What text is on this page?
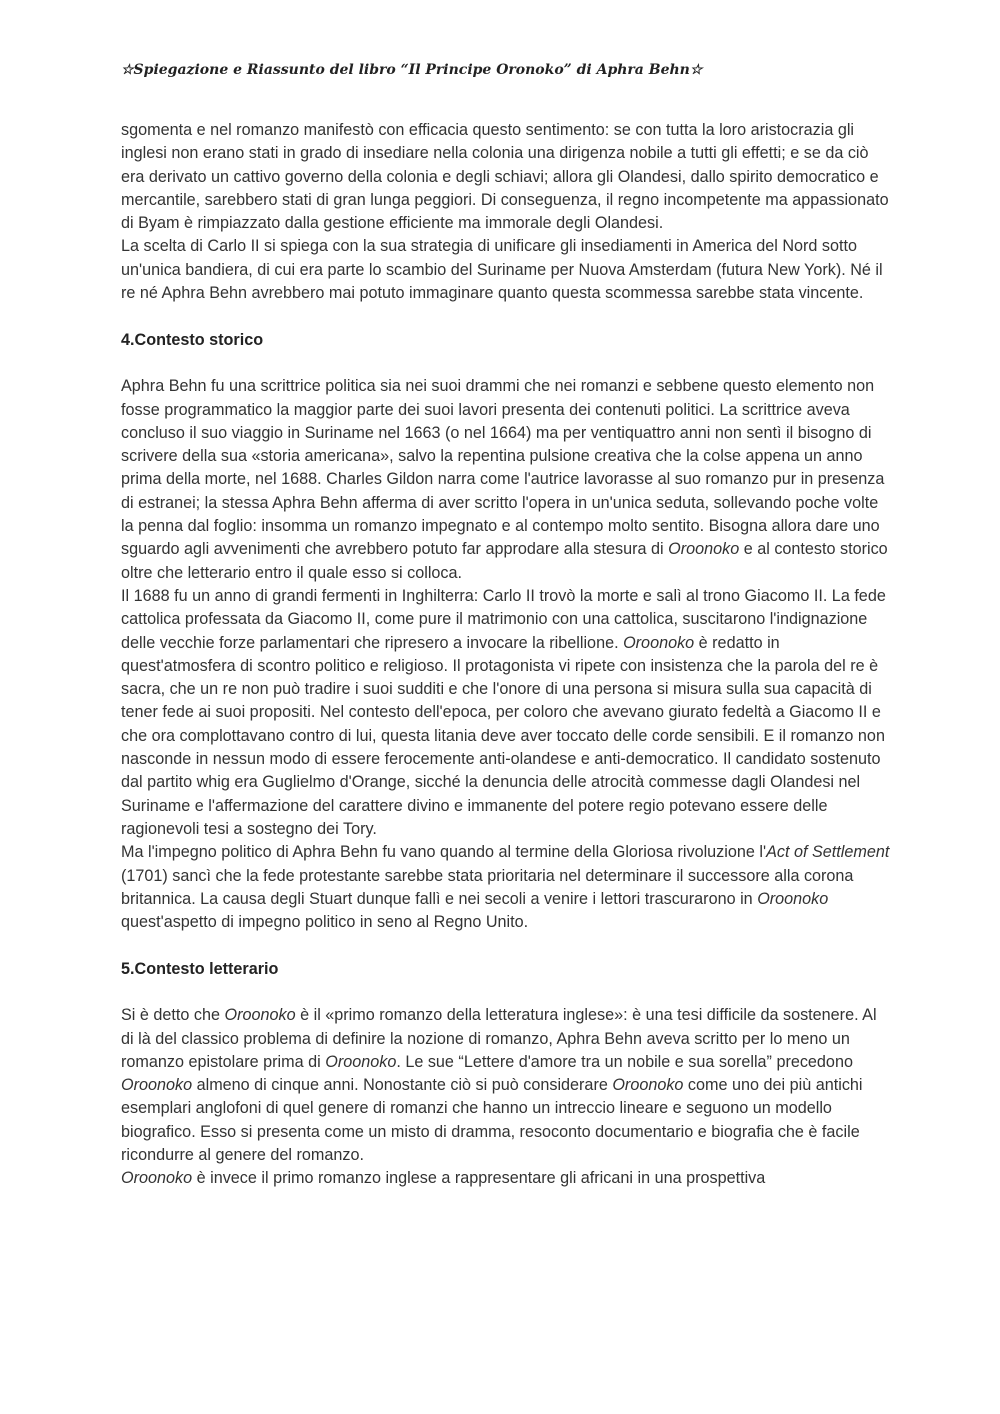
☆Spiegazione e Riassunto del libro “Il Principe Oronoko” di Aphra Behn☆

sgomenta e nel romanzo manifestò con efficacia questo sentimento: se con tutta la loro aristocrazia gli inglesi non erano stati in grado di insediare nella colonia una dirigenza nobile a tutti gli effetti; e se da ciò era derivato un cattivo governo della colonia e degli schiavi; allora gli Olandesi, dallo spirito democratico e mercantile, sarebbero stati di gran lunga peggiori. Di conseguenza, il regno incompetente ma appassionato di Byam è rimpiazzato dalla gestione efficiente ma immorale degli Olandesi.

La scelta di Carlo II si spiega con la sua strategia di unificare gli insediamenti in America del Nord sotto un'unica bandiera, di cui era parte lo scambio del Suriname per Nuova Amsterdam (futura New York). Né il re né Aphra Behn avrebbero mai potuto immaginare quanto questa scommessa sarebbe stata vincente.

4.Contesto storico

Aphra Behn fu una scrittrice politica sia nei suoi drammi che nei romanzi e sebbene questo elemento non fosse programmatico la maggior parte dei suoi lavori presenta dei contenuti politici. La scrittrice aveva concluso il suo viaggio in Suriname nel 1663 (o nel 1664) ma per ventiquattro anni non sentì il bisogno di scrivere della sua «storia americana», salvo la repentina pulsione creativa che la colse appena un anno prima della morte, nel 1688. Charles Gildon narra come l'autrice lavorasse al suo romanzo pur in presenza di estranei; la stessa Aphra Behn afferma di aver scritto l'opera in un'unica seduta, sollevando poche volte la penna dal foglio: insomma un romanzo impegnato e al contempo molto sentito. Bisogna allora dare uno sguardo agli avvenimenti che avrebbero potuto far approdare alla stesura di Oroonoko e al contesto storico oltre che letterario entro il quale esso si colloca.

Il 1688 fu un anno di grandi fermenti in Inghilterra: Carlo II trovò la morte e salì al trono Giacomo II. La fede cattolica professata da Giacomo II, come pure il matrimonio con una cattolica, suscitarono l'indignazione delle vecchie forze parlamentari che ripresero a invocare la ribellione. Oroonoko è redatto in quest'atmosfera di scontro politico e religioso. Il protagonista vi ripete con insistenza che la parola del re è sacra, che un re non può tradire i suoi sudditi e che l'onore di una persona si misura sulla sua capacità di tener fede ai suoi propositi. Nel contesto dell'epoca, per coloro che avevano giurato fedeltà a Giacomo II e che ora complottavano contro di lui, questa litania deve aver toccato delle corde sensibili. E il romanzo non nasconde in nessun modo di essere ferocemente anti-olandese e anti-democratico. Il candidato sostenuto dal partito whig era Guglielmo d'Orange, sicché la denuncia delle atrocità commesse dagli Olandesi nel Suriname e l'affermazione del carattere divino e immanente del potere regio potevano essere delle ragionevoli tesi a sostegno dei Tory.

Ma l'impegno politico di Aphra Behn fu vano quando al termine della Gloriosa rivoluzione l'Act of Settlement (1701) sancì che la fede protestante sarebbe stata prioritaria nel determinare il successore alla corona britannica. La causa degli Stuart dunque fallì e nei secoli a venire i lettori trascurarono in Oroonoko quest'aspetto di impegno politico in seno al Regno Unito.

5.Contesto letterario

Si è detto che Oroonoko è il «primo romanzo della letteratura inglese»: è una tesi difficile da sostenere. Al di là del classico problema di definire la nozione di romanzo, Aphra Behn aveva scritto per lo meno un romanzo epistolare prima di Oroonoko. Le sue “Lettere d'amore tra un nobile e sua sorella” precedono Oroonoko almeno di cinque anni. Nonostante ciò si può considerare Oroonoko come uno dei più antichi esemplari anglofoni di quel genere di romanzi che hanno un intreccio lineare e seguono un modello biografico. Esso si presenta come un misto di dramma, resoconto documentario e biografia che è facile ricondurre al genere del romanzo.

Oroonoko è invece il primo romanzo inglese a rappresentare gli africani in una prospettiva
